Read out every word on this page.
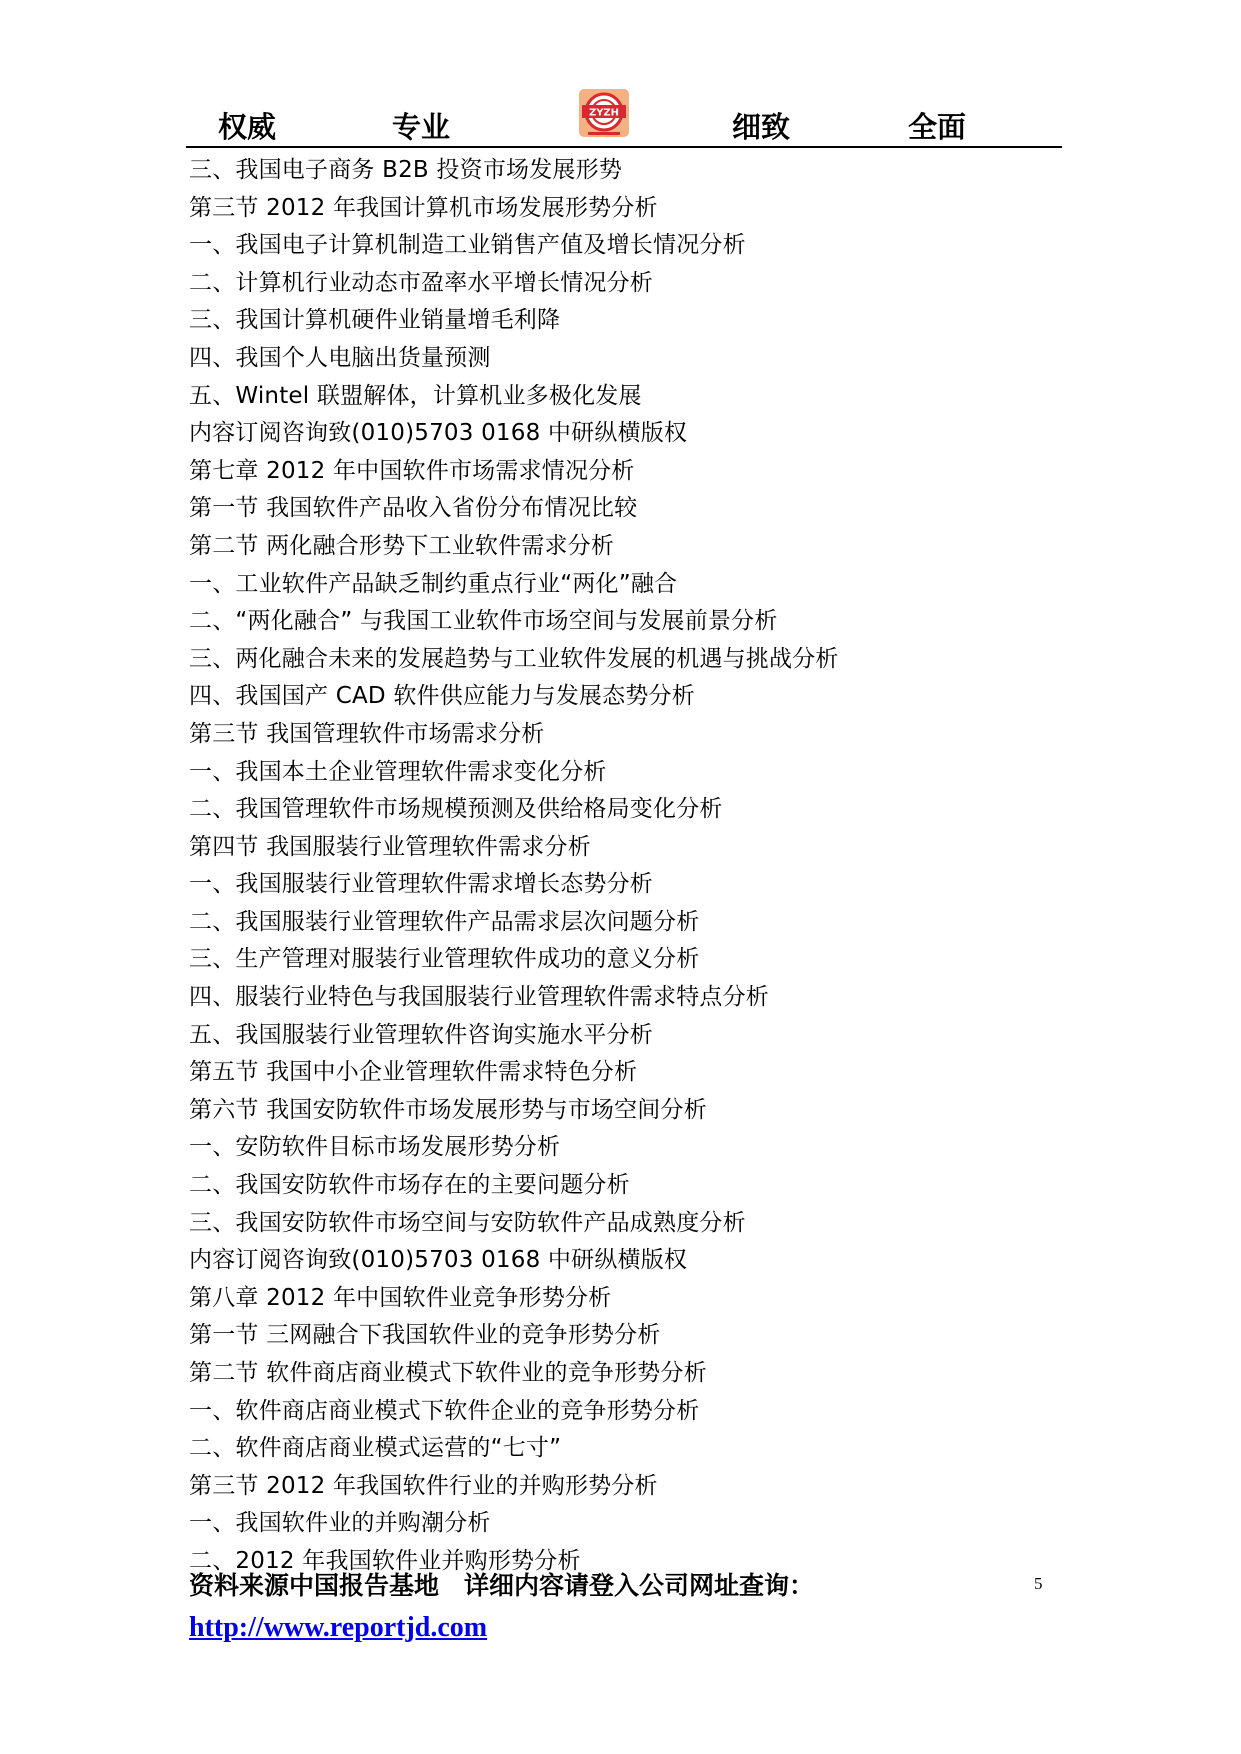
权威	专业	ZYZH	细致	全面
三、我国电子商务 B2B 投资市场发展形势
第三节 2012 年我国计算机市场发展形势分析
一、我国电子计算机制造工业销售产值及增长情况分析
二、计算机行业动态市盈率水平增长情况分析
三、我国计算机硬件业销量增毛利降
四、我国个人电脑出货量预测
五、Wintel 联盟解体，计算机业多极化发展
内容订阅咨询致(010)5703 0168 中研纵横版权
第七章 2012 年中国软件市场需求情况分析
第一节 我国软件产品收入省份分布情况比较
第二节 两化融合形势下工业软件需求分析
一、工业软件产品缺乏制约重点行业“两化”融合
二、“两化融合” 与我国工业软件市场空间与发展前景分析
三、两化融合未来的发展趋势与工业软件发展的机遇与挑战分析
四、我国国产 CAD 软件供应能力与发展态势分析
第三节 我国管理软件市场需求分析
一、我国本土企业管理软件需求变化分析
二、我国管理软件市场规模预测及供给格局变化分析
第四节 我国服装行业管理软件需求分析
一、我国服装行业管理软件需求增长态势分析
二、我国服装行业管理软件产品需求层次问题分析
三、生产管理对服装行业管理软件成功的意义分析
四、服装行业特色与我国服装行业管理软件需求特点分析
五、我国服装行业管理软件咨询实施水平分析
第五节 我国中小企业管理软件需求特色分析
第六节 我国安防软件市场发展形势与市场空间分析
一、安防软件目标市场发展形势分析
二、我国安防软件市场存在的主要问题分析
三、我国安防软件市场空间与安防软件产品成熟度分析
内容订阅咨询致(010)5703 0168 中研纵横版权
第八章 2012 年中国软件业竞争形势分析
第一节 三网融合下我国软件业的竞争形势分析
第二节 软件商店商业模式下软件业的竞争形势分析
一、软件商店商业模式下软件企业的竞争形势分析
二、软件商店商业模式运营的“七寸”
第三节 2012 年我国软件行业的并购形势分析
一、我国软件业的并购潮分析
二、2012 年我国软件业并购形势分析
资料来源中国报告基地　详细内容请登入公司网址查询：
http://www.reportjd.com
5
